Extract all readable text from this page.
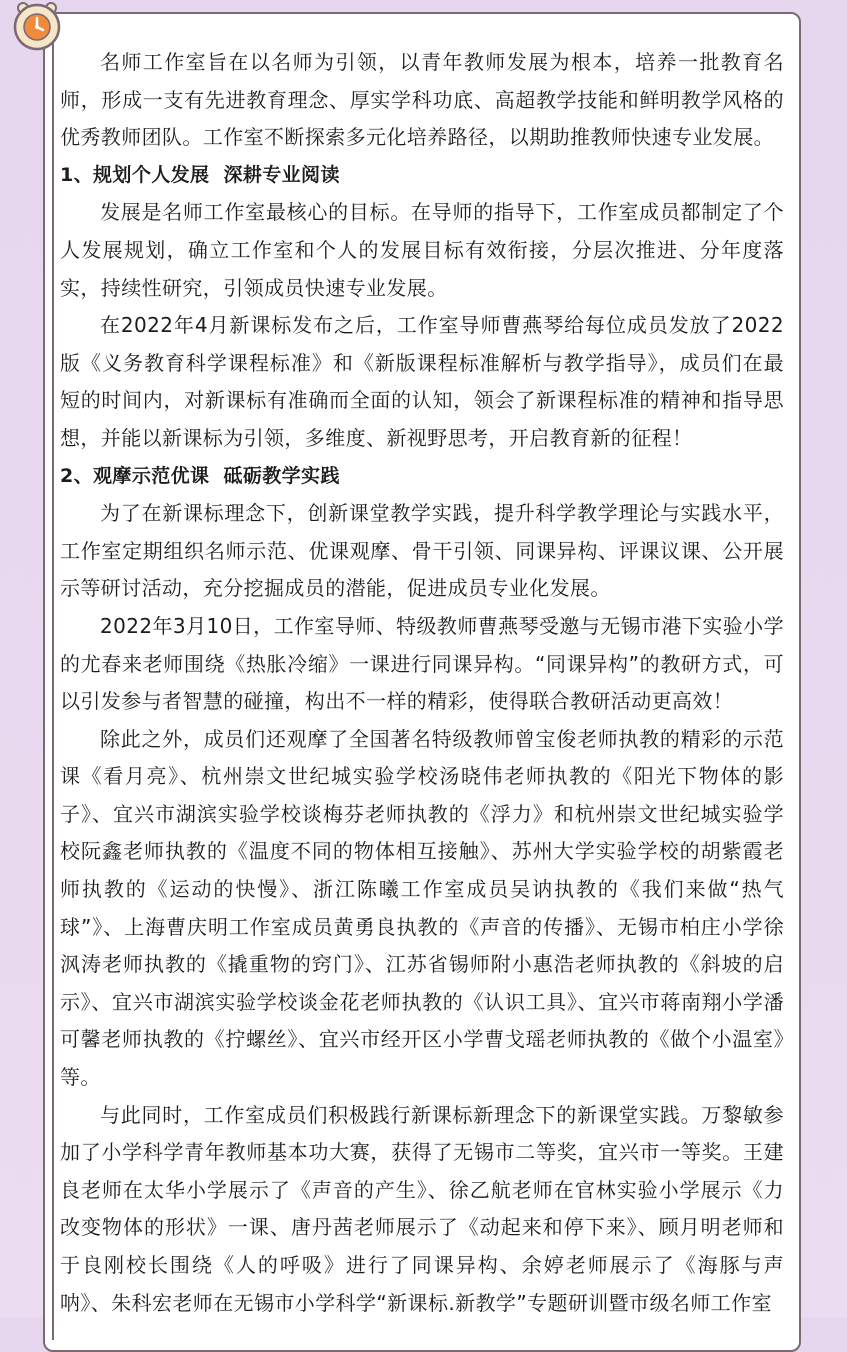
名师工作室旨在以名师为引领，以青年教师发展为根本，培养一批教育名师，形成一支有先进教育理念、厚实学科功底、高超教学技能和鲜明教学风格的优秀教师团队。工作室不断探索多元化培养路径，以期助推教师快速专业发展。

1、规划个人发展  深耕专业阅读

发展是名师工作室最核心的目标。在导师的指导下，工作室成员都制定了个人发展规划，确立工作室和个人的发展目标有效衔接，分层次推进、分年度落实，持续性研究，引领成员快速专业发展。

在2022年4月新课标发布之后，工作室导师曹燕琴给每位成员发放了2022版《义务教育科学课程标准》和《新版课程标准解析与教学指导》，成员们在最短的时间内，对新课标有准确而全面的认知，领会了新课程标准的精神和指导思想，并能以新课标为引领，多维度、新视野思考，开启教育新的征程！

2、观摩示范优课  砥砺教学实践

为了在新课标理念下，创新课堂教学实践，提升科学教学理论与实践水平，工作室定期组织名师示范、优课观摩、骨干引领、同课异构、评课议课、公开展示等研讨活动，充分挖掘成员的潜能，促进成员专业化发展。

2022年3月10日，工作室导师、特级教师曹燕琴受邀与无锡市港下实验小学的尤春来老师围绕《热胀冷缩》一课进行同课异构。“同课异构”的教研方式，可以引发参与者智慧的碰撞，构出不一样的精彩，使得联合教研活动更高效！

除此之外，成员们还观摩了全国著名特级教师曾宝俊老师执教的精彩的示范课《看月亮》、杭州崇文世纪城实验学校汤晓伟老师执教的《阳光下物体的影子》、宜兴市湖滨实验学校谈梅芬老师执教的《浮力》和杭州崇文世纪城实验学校阮鑫老师执教的《温度不同的物体相互接触》、苏州大学实验学校的胡紫霞老师执教的《运动的快慢》、浙江陈曦工作室成员吴讷执教的《我们来做“热气球”》、上海曹庆明工作室成员黄勇良执教的《声音的传播》、无锡市柏庄小学徐沨涛老师执教的《撬重物的窍门》、江苏省锡师附小惠浩老师执教的《斜坡的启示》、宜兴市湖滨实验学校谈金花老师执教的《认识工具》、宜兴市蒋南翔小学潘可馨老师执教的《拧螺丝》、宜兴市经开区小学曹戈瑶老师执教的《做个小温室》等。

与此同时，工作室成员们积极践行新课标新理念下的新课堂实践。万黎敏参加了小学科学青年教师基本功大赛，获得了无锡市二等奖，宜兴市一等奖。王建良老师在太华小学展示了《声音的产生》、徐乙航老师在官林实验小学展示《力改变物体的形状》一课、唐丹茜老师展示了《动起来和停下来》、顾月明老师和于良刚校长围绕《人的呼吸》进行了同课异构、余婷老师展示了《海豚与声呐》、朱科宏老师在无锡市小学科学“新课标.新教学”专题研训暨市级名师工作室
